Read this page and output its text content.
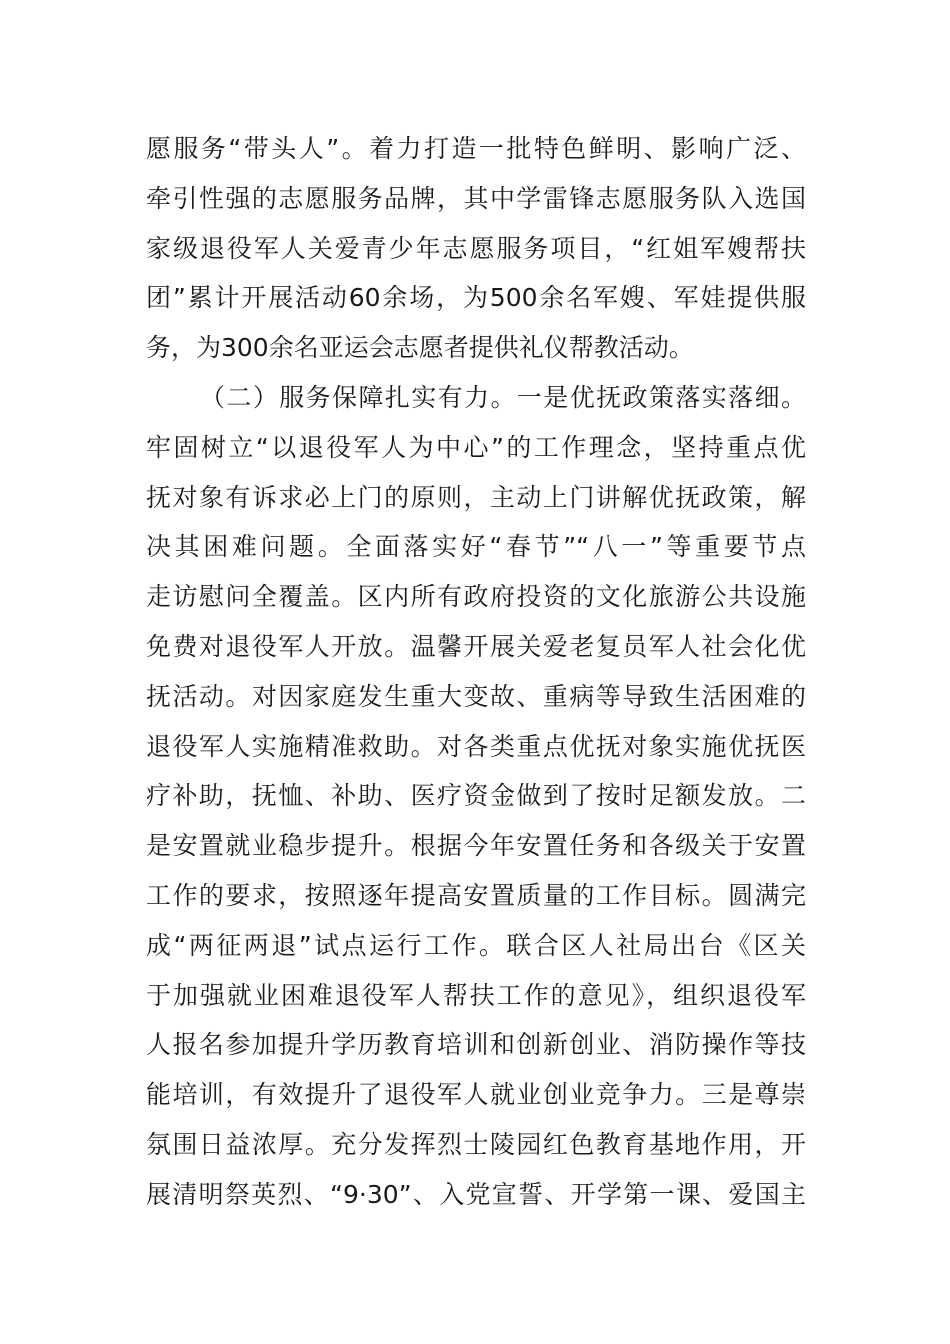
愿服务“带头人”。着力打造一批特色鲜明、影响广泛、
牵引性强的志愿服务品牌，其中学雷锋志愿服务队入选国
家级退役军人关爱青少年志愿服务项目，“红姐军嫂帮扶
团”累计开展活动60余场，为500余名军嫂、军娃提供服
务，为300余名亚运会志愿者提供礼仪帮教活动。
（二）服务保障扎实有力。一是优抚政策落实落细。
牢固树立“以退役军人为中心”的工作理念，坚持重点优
抚对象有诉求必上门的原则，主动上门讲解优抚政策，解
决其困难问题。全面落实好“春节”“八一”等重要节点
走访慰问全覆盖。区内所有政府投资的文化旅游公共设施
免费对退役军人开放。温馨开展关爱老复员军人社会化优
抚活动。对因家庭发生重大变故、重病等导致生活困难的
退役军人实施精准救助。对各类重点优抚对象实施优抚医
疗补助，抚恤、补助、医疗资金做到了按时足额发放。二
是安置就业稳步提升。根据今年安置任务和各级关于安置
工作的要求，按照逐年提高安置质量的工作目标。圆满完
成“两征两退”试点运行工作。联合区人社局出台《区关
于加强就业困难退役军人帮扶工作的意见》，组织退役军
人报名参加提升学历教育培训和创新创业、消防操作等技
能培训，有效提升了退役军人就业创业竞争力。三是尊崇
氛围日益浓厚。充分发挥烈士陵园红色教育基地作用，开
展清明祭英烈、“9·30”、入党宣誓、开学第一课、爱国主
